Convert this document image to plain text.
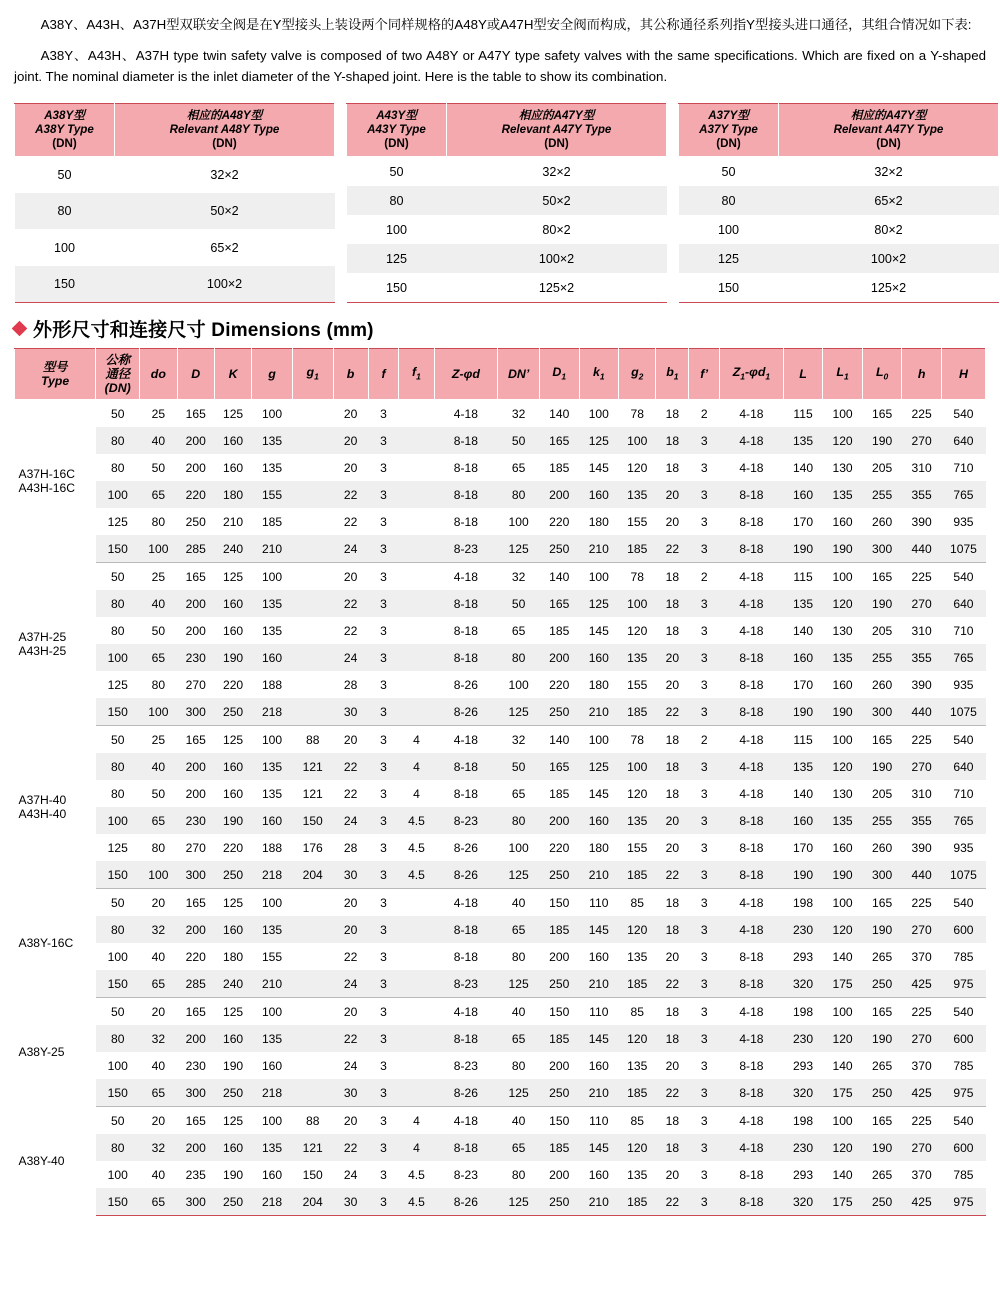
A38Y、A43H、A37H型双联安全阀是在Y型接头上装设两个同样规格的A48Y或A47H型安全阀而构成，其公称通径系列指Y型接头进口通径，其组合情况如下表:

A38Y、A43H、A37H type twin safety valve is composed of two A48Y or A47Y type safety valves with the same specifications. Which are fixed on a Y-shaped joint. The nominal diameter is the inlet diameter of the Y-shaped joint. Here is the table to show its combination.

A38Y型
A38Y Type
(DN)

相应的A48Y型
Relevant A48Y Type
(DN)

50	32×2
80	50×2
100	65×2
150	100×2
A43Y型
A43Y Type
(DN)

相应的A47Y型
Relevant A47Y Type
(DN)

50	32×2
80	50×2
100	80×2
125	100×2
150	125×2
A37Y型
A37Y Type
(DN)

相应的A47Y型
Relevant A47Y Type
(DN)

50	32×2
80	65×2
100	80×2
125	100×2
150	125×2
外形尺寸和连接尺寸 Dimensions (mm)
型号
Type
	公称
通径
(DN)
	do	D	K	g	$g_1$	b	f	$f_1$	Z-φd	DN’	$D_1$	$k_1$	$g_2$	$b_1$	f’	$Z_1-\varphi d_1$	L	$L_1$	$L_0$	h	H

A37H-16C
A43H-16C	50	25	165	125	100		20	3		4-18	32	140	100	78	18	2	4-18	115	100	165	225	540
	80	40	200	160	135		20	3		8-18	50	165	125	100	18	3	4-18	135	120	190	270	640
	80	50	200	160	135		20	3		8-18	65	185	145	120	18	3	4-18	140	130	205	310	710
	100	65	220	180	155		22	3		8-18	80	200	160	135	20	3	8-18	160	135	255	355	765
	125	80	250	210	185		22	3		8-18	100	220	180	155	20	3	8-18	170	160	260	390	935
	150	100	285	240	210		24	3		8-23	125	250	210	185	22	3	8-18	190	190	300	440	1075

A37H-25
A43H-25	50	25	165	125	100		20	3		4-18	32	140	100	78	18	2	4-18	115	100	165	225	540
	80	40	200	160	135		22	3		8-18	50	165	125	100	18	3	4-18	135	120	190	270	640
	80	50	200	160	135		22	3		8-18	65	185	145	120	18	3	4-18	140	130	205	310	710
	100	65	230	190	160		24	3		8-18	80	200	160	135	20	3	8-18	160	135	255	355	765
	125	80	270	220	188		28	3		8-26	100	220	180	155	20	3	8-18	170	160	260	390	935
	150	100	300	250	218		30	3		8-26	125	250	210	185	22	3	8-18	190	190	300	440	1075

A37H-40
A43H-40	50	25	165	125	100	88	20	3	4	4-18	32	140	100	78	18	2	4-18	115	100	165	225	540
	80	40	200	160	135	121	22	3	4	8-18	50	165	125	100	18	3	4-18	135	120	190	270	640
	80	50	200	160	135	121	22	3	4	8-18	65	185	145	120	18	3	4-18	140	130	205	310	710
	100	65	230	190	160	150	24	3	4.5	8-23	80	200	160	135	20	3	8-18	160	135	255	355	765
	125	80	270	220	188	176	28	3	4.5	8-26	100	220	180	155	20	3	8-18	170	160	260	390	935
	150	100	300	250	218	204	30	3	4.5	8-26	125	250	210	185	22	3	8-18	190	190	300	440	1075

A38Y-16C	50	20	165	125	100		20	3		4-18	40	150	110	85	18	3	4-18	198	100	165	225	540
	80	32	200	160	135		20	3		8-18	65	185	145	120	18	3	4-18	230	120	190	270	600
	100	40	220	180	155		22	3		8-18	80	200	160	135	20	3	8-18	293	140	265	370	785
	150	65	285	240	210		24	3		8-23	125	250	210	185	22	3	8-18	320	175	250	425	975

A38Y-25	50	20	165	125	100		20	3		4-18	40	150	110	85	18	3	4-18	198	100	165	225	540
	80	32	200	160	135		22	3		8-18	65	185	145	120	18	3	4-18	230	120	190	270	600
	100	40	230	190	160		24	3		8-23	80	200	160	135	20	3	8-18	293	140	265	370	785
	150	65	300	250	218		30	3		8-26	125	250	210	185	22	3	8-18	320	175	250	425	975

A38Y-40	50	20	165	125	100	88	20	3	4	4-18	40	150	110	85	18	3	4-18	198	100	165	225	540
	80	32	200	160	135	121	22	3	4	8-18	65	185	145	120	18	3	4-18	230	120	190	270	600
	100	40	235	190	160	150	24	3	4.5	8-23	80	200	160	135	20	3	8-18	293	140	265	370	785
	150	65	300	250	218	204	30	3	4.5	8-26	125	250	210	185	22	3	8-18	320	175	250	425	975
